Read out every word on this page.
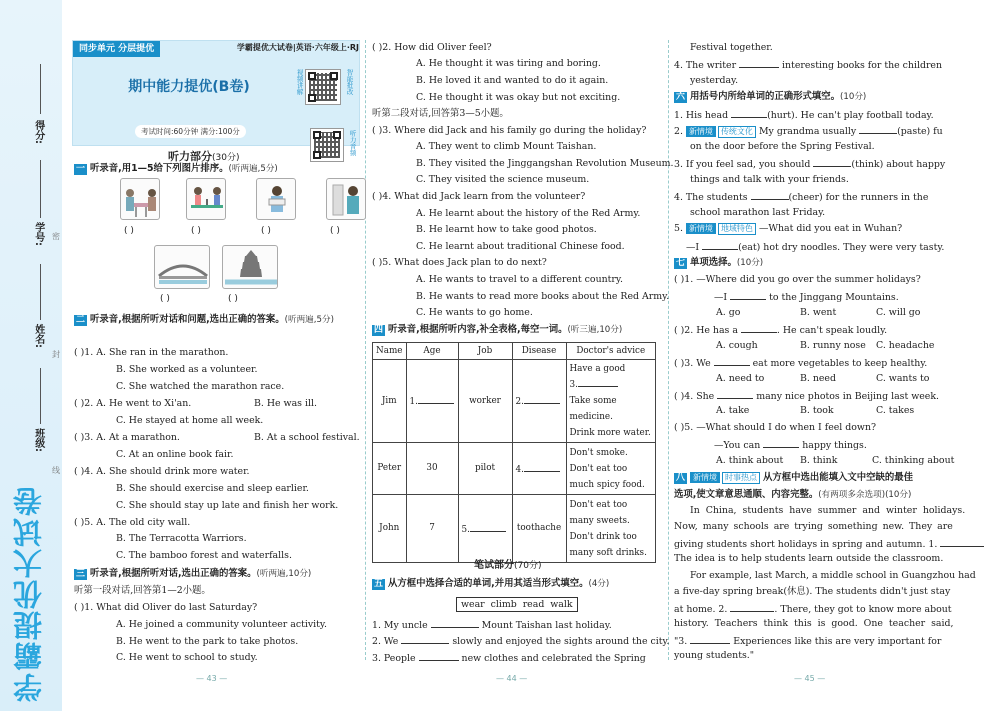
得分:
学号:
姓名:
班级:
密
封
线
学霸提优大试卷
同步单元 分层提优	学霸提优大试卷|英语·六年级上·RJ
期中能力提优(B卷)
考试时间:60分钟 满分:100分
视频讲解	智能批改
听力音频
听力部分(30分)
一 听录音,用1—5给下列图片排序。(听两遍,5分)
( )	( )	( )	( )
( )	( )
二 听录音,根据所听对话和问题,选出正确的答案。(听两遍,5分)
( )1. A. She ran in the marathon.
B. She worked as a volunteer.
C. She watched the marathon race.
( )2. A. He went to Xi'an.	B. He was ill.
C. He stayed at home all week.
( )3. A. At a marathon.	B. At a school festival.
C. At an online book fair.
( )4. A. She should drink more water.
B. She should exercise and sleep earlier.
C. She should stay up late and finish her work.
( )5. A. The old city wall.
B. The Terracotta Warriors.
C. The bamboo forest and waterfalls.
三 听录音,根据所听对话,选出正确的答案。(听两遍,10分)
听第一段对话,回答第1—2小题。
( )1. What did Oliver do last Saturday?
A. He joined a community volunteer activity.
B. He went to the park to take photos.
C. He went to school to study.
— 43 —
( )2. How did Oliver feel?
A. He thought it was tiring and boring.
B. He loved it and wanted to do it again.
C. He thought it was okay but not exciting.
听第二段对话,回答第3—5小题。
( )3. Where did Jack and his family go during the holiday?
A. They went to climb Mount Taishan.
B. They visited the Jinggangshan Revolution Museum.
C. They visited the science museum.
( )4. What did Jack learn from the volunteer?
A. He learnt about the history of the Red Army.
B. He learnt how to take good photos.
C. He learnt about traditional Chinese food.
( )5. What does Jack plan to do next?
A. He wants to travel to a different country.
B. He wants to read more books about the Red Army.
C. He wants to go home.
四 听录音,根据所听内容,补全表格,每空一词。(听三遍,10分)
Name	Age	Job	Disease	Doctor's advice
Jim	1.	worker	2.	Have a good
3.
Take some medicine.
Drink more water.

Peter	30	pilot	4.	Don't smoke.
Don't eat too
much spicy food.

John	7	5.	toothache	Don't eat too
many sweets.
Don't drink too
many soft drinks.
笔试部分(70分)
五 从方框中选择合适的单词,并用其适当形式填空。(4分)
wear  climb  read  walk
1. My uncle	Mount Taishan last holiday.
2. We	slowly and enjoyed the sights around the city.
3. People	new clothes and celebrated the Spring
— 44 —
Festival together.
4. The writer	interesting books for the children
yesterday.
六 用括号内所给单词的正确形式填空。(10分)
1. His head	(hurt). He can't play football today.
2. 新情境 传统文化 My grandma usually	(paste) fu
on the door before the Spring Festival.
3. If you feel sad, you should	(think) about happy
things and talk with your friends.
4. The students	(cheer) for the runners in the
school marathon last Friday.
5. 新情境 地域特色 —What did you eat in Wuhan?
—I	(eat) hot dry noodles. They were very tasty.
七 单项选择。(10分)
( )1. —Where did you go over the summer holidays?
—I	to the Jinggang Mountains.
A. go	B. went	C. will go
( )2. He has a	. He can't speak loudly.
A. cough	B. runny nose C. headache
( )3. We	eat more vegetables to keep healthy.
A. need to	B. need	C. wants to
( )4. She	many nice photos in Beijing last week.
A. take	B. took	C. takes
( )5. —What should I do when I feel down?
—You can	happy things.
A. think about B. think	C. thinking about
八 新情境 时事热点 从方框中选出能填入文中空缺的最佳
选项,使文章意思通顺、内容完整。(有两项多余选项)(10分)
In China, students have summer and winter holidays.
Now, many schools are trying something new. They are
giving students short holidays in spring and autumn. 1.
The idea is to help students learn outside the classroom.
For example, last March, a middle school in Guangzhou had
a five-day spring break(休息). The students didn't just stay
at home. 2.	. There, they got to know more about
history. Teachers think this is good. One teacher said,
"3.	Experiences like this are very important for
young students."
— 45 —
